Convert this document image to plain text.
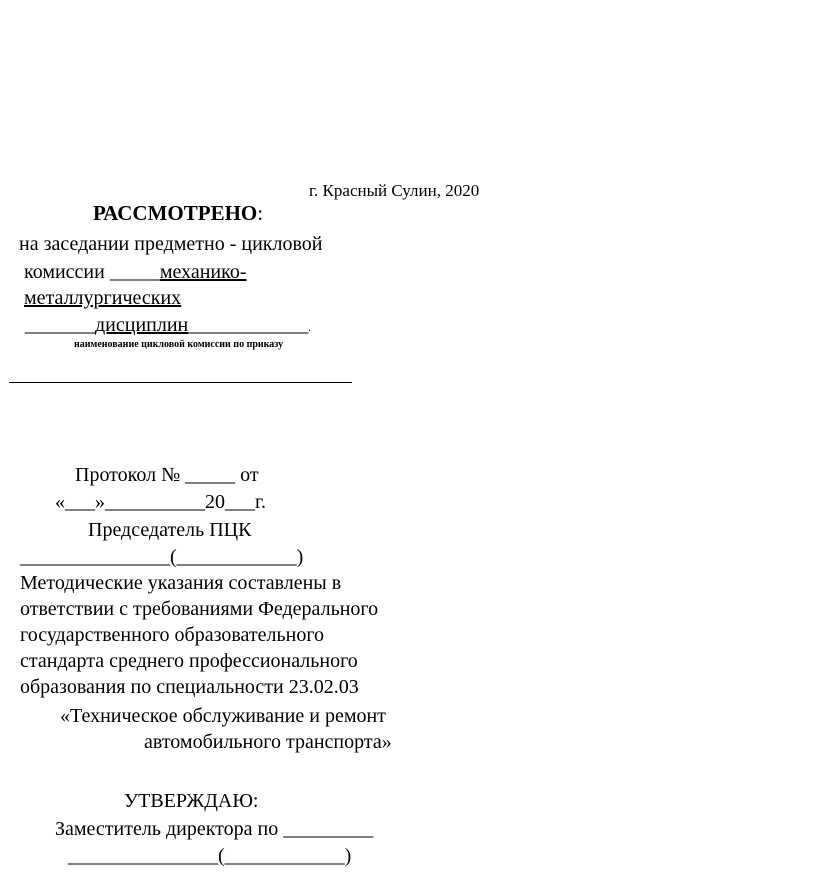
г. Красный Сулин, 2020
РАССМОТРЕНО:
на заседании предметно - цикловой
комиссии _____механико-
металлургических
_______дисциплин____________.
наименование цикловой комиссии по приказу
Протокол № _____ от
«___»__________20___г.
Председатель ПЦК
_______________(____________)
Методические указания составлены в
ответствии с требованиями Федерального
государственного образовательного
стандарта среднего профессионального
образования по специальности 23.02.03
«Техническое обслуживание и ремонт
автомобильного транспорта»
УТВЕРЖДАЮ:
Заместитель директора по _________
_______________(____________)
